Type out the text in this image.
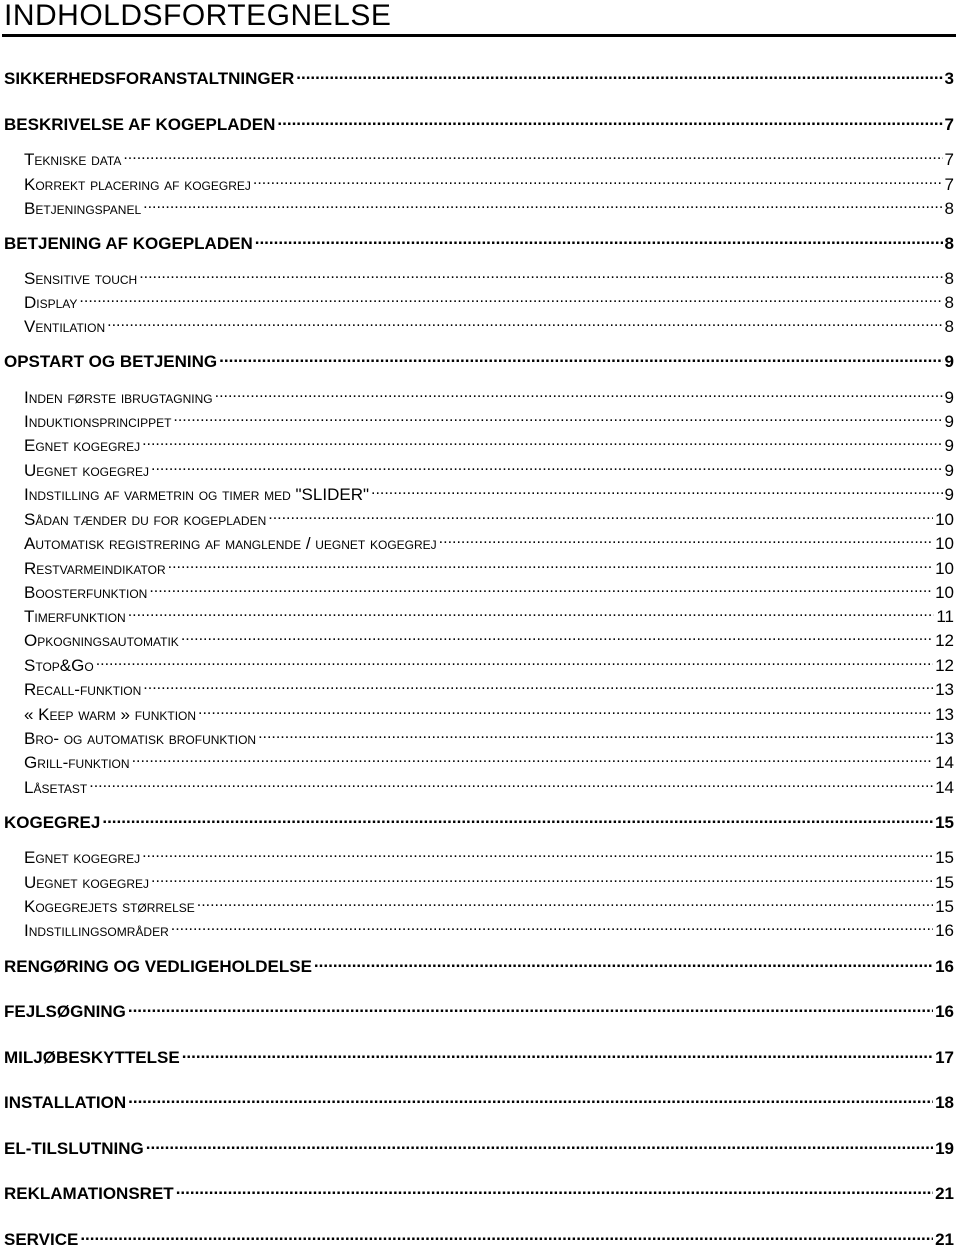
INDHOLDSFORTEGNELSE
SIKKERHEDSFORANSTALTNINGER .....	3
BESKRIVELSE AF KOGEPLADEN .....	7
Tekniske data .....	7
Korrekt placering af kogegrej .....	7
Betjeningspanel .....	8
BETJENING AF KOGEPLADEN .....	8
Sensitive touch .....	8
Display .....	8
Ventilation .....	8
OPSTART OG BETJENING .....	9
Inden første ibrugtagning .....	9
Induktionsprincippet .....	9
Egnet kogegrej .....	9
Uegnet kogegrej .....	9
Indstilling af varmetrin og timer med "SLIDER" .....	9
Sådan tænder du for kogepladen .....	10
Automatisk registrering af manglende / uegnet kogegrej .....	10
Restvarmeindikator .....	10
Boosterfunktion .....	10
Timerfunktion .....	11
Opkogningsautomatik .....	12
Stop&Go .....	12
Recall-funktion .....	13
« Keep warm » funktion .....	13
Bro- og automatisk brofunktion .....	13
Grill-funktion .....	14
Låsetast .....	14
KOGEGREJ .....	15
Egnet kogegrej .....	15
Uegnet kogegrej .....	15
Kogegrejets størrelse .....	15
Indstillingsområder .....	16
RENGØRING OG VEDLIGEHOLDELSE .....	16
FEJLSØGNING .....	16
MILJØBESKYTTELSE .....	17
INSTALLATION .....	18
EL-TILSLUTNING .....	19
REKLAMATIONSRET .....	21
SERVICE .....	21
